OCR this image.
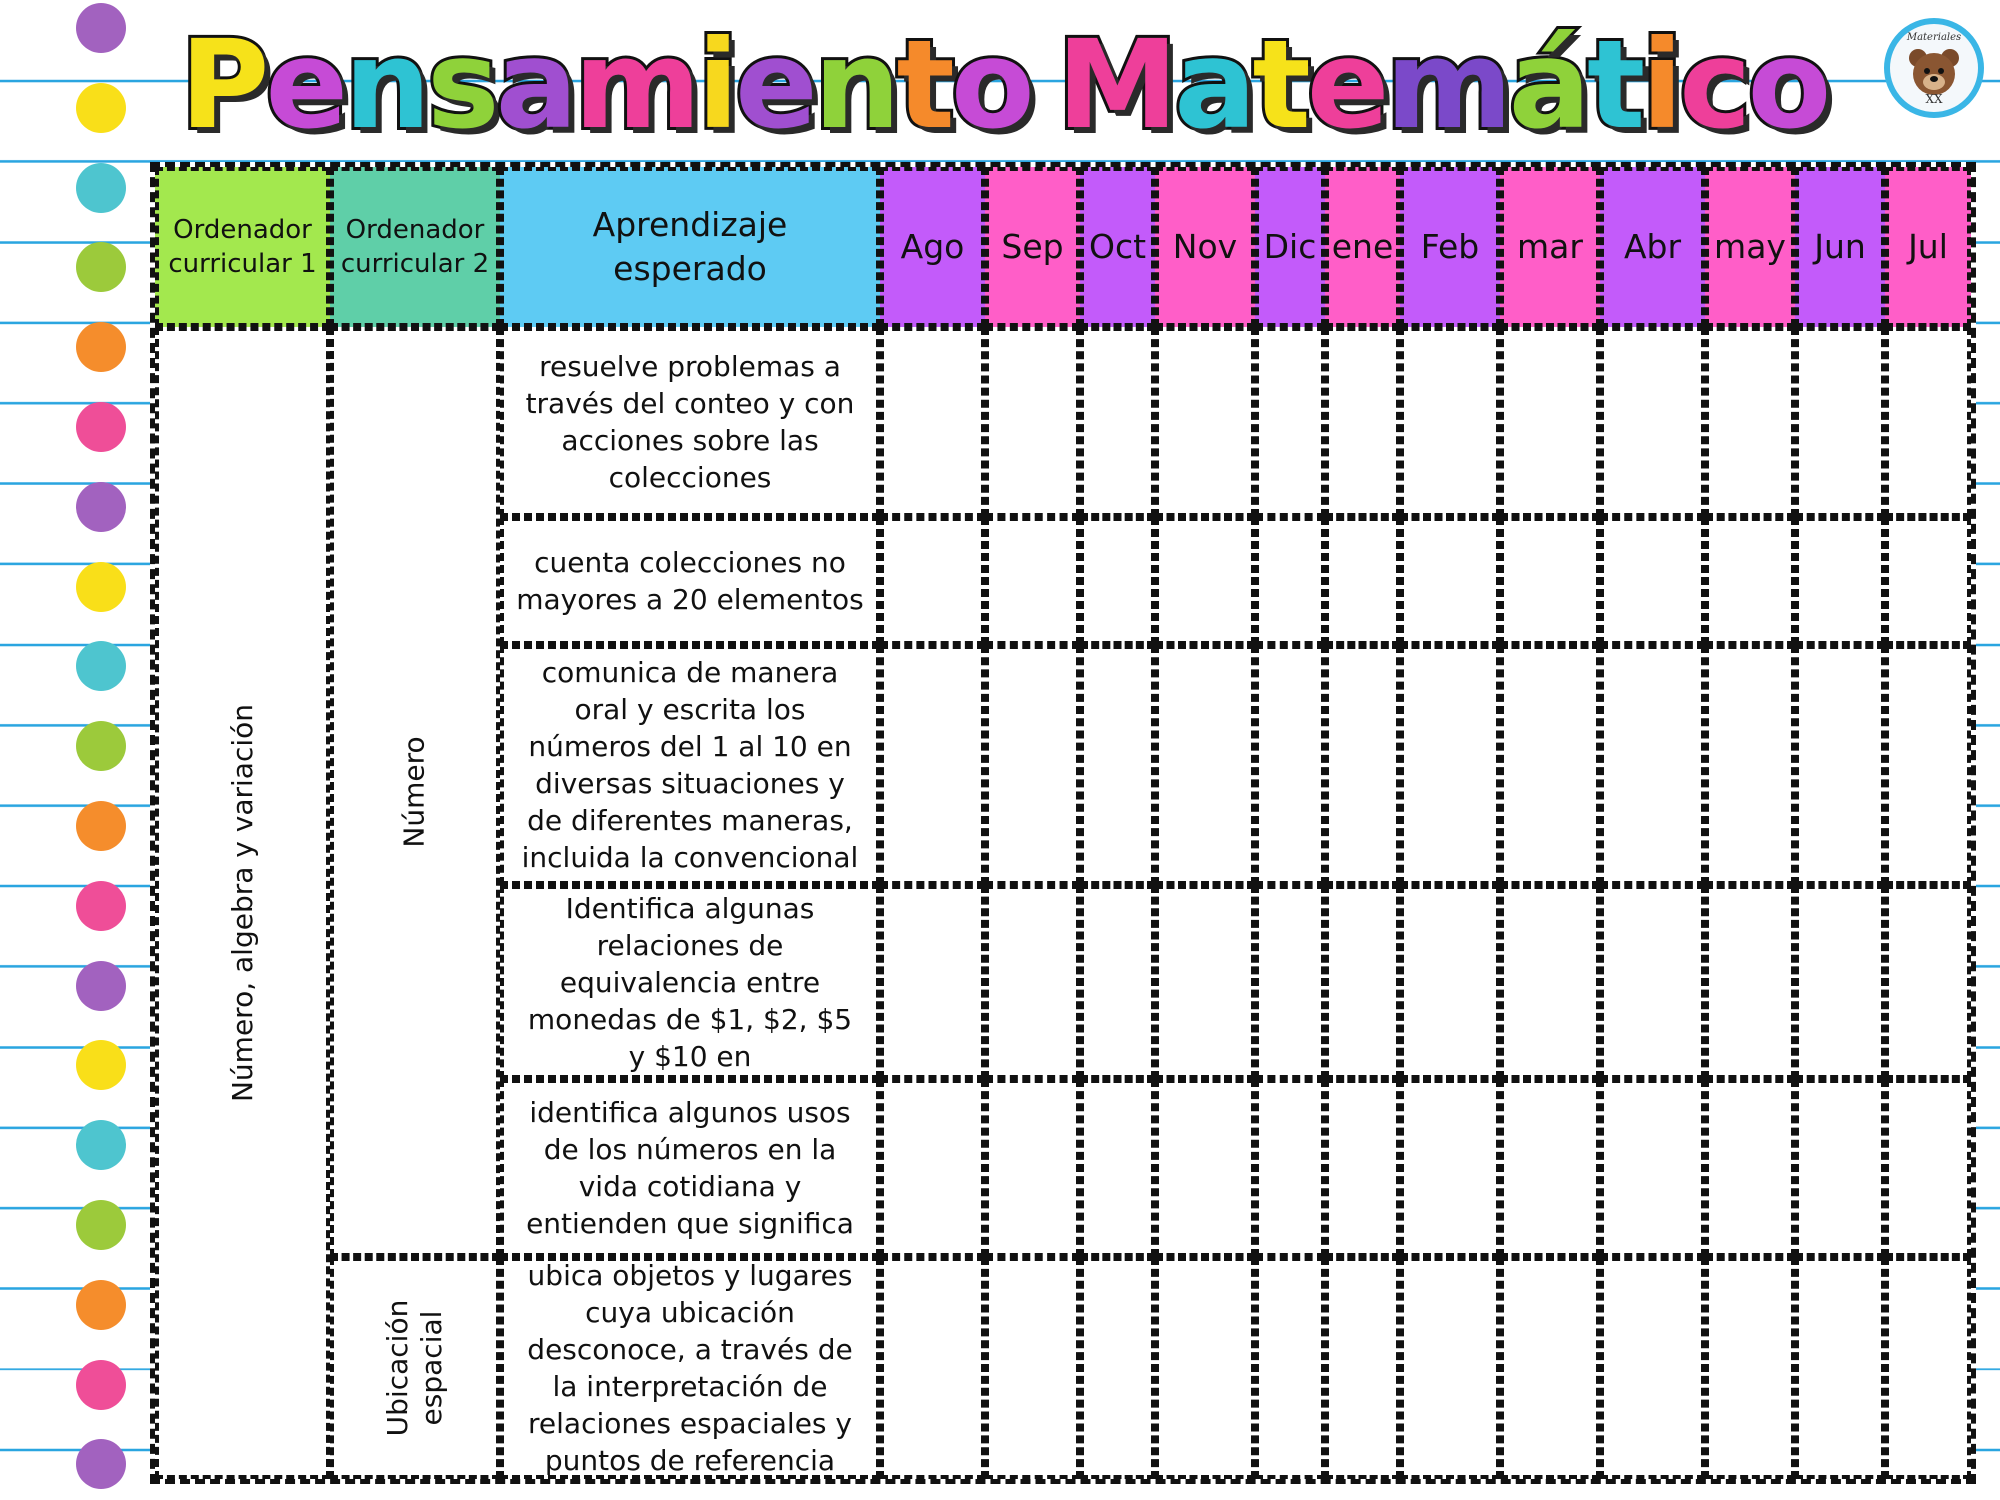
Pensamiento Matemático	Materiales
XX
Ordenador curricular 1
Ordenador curricular 2
Aprendizaje esperado
Ago Sep Oct Nov Dic ene Feb mar Abr may Jun Jul
Número, algebra y variación	Número
Ubicación espacial
resuelve problemas a través del conteo y con acciones sobre las colecciones
cuenta colecciones no mayores a 20 elementos
comunica de manera oral y escrita los números del 1 al 10 en diversas situaciones y de diferentes maneras, incluida la convencional
Identifica algunas relaciones de equivalencia entre monedas de $1, $2, $5 y $10 en
identifica algunos usos de los números en la vida cotidiana y entienden que significa
ubica objetos y lugares cuya ubicación desconoce, a través de la interpretación de relaciones espaciales y puntos de referencia
